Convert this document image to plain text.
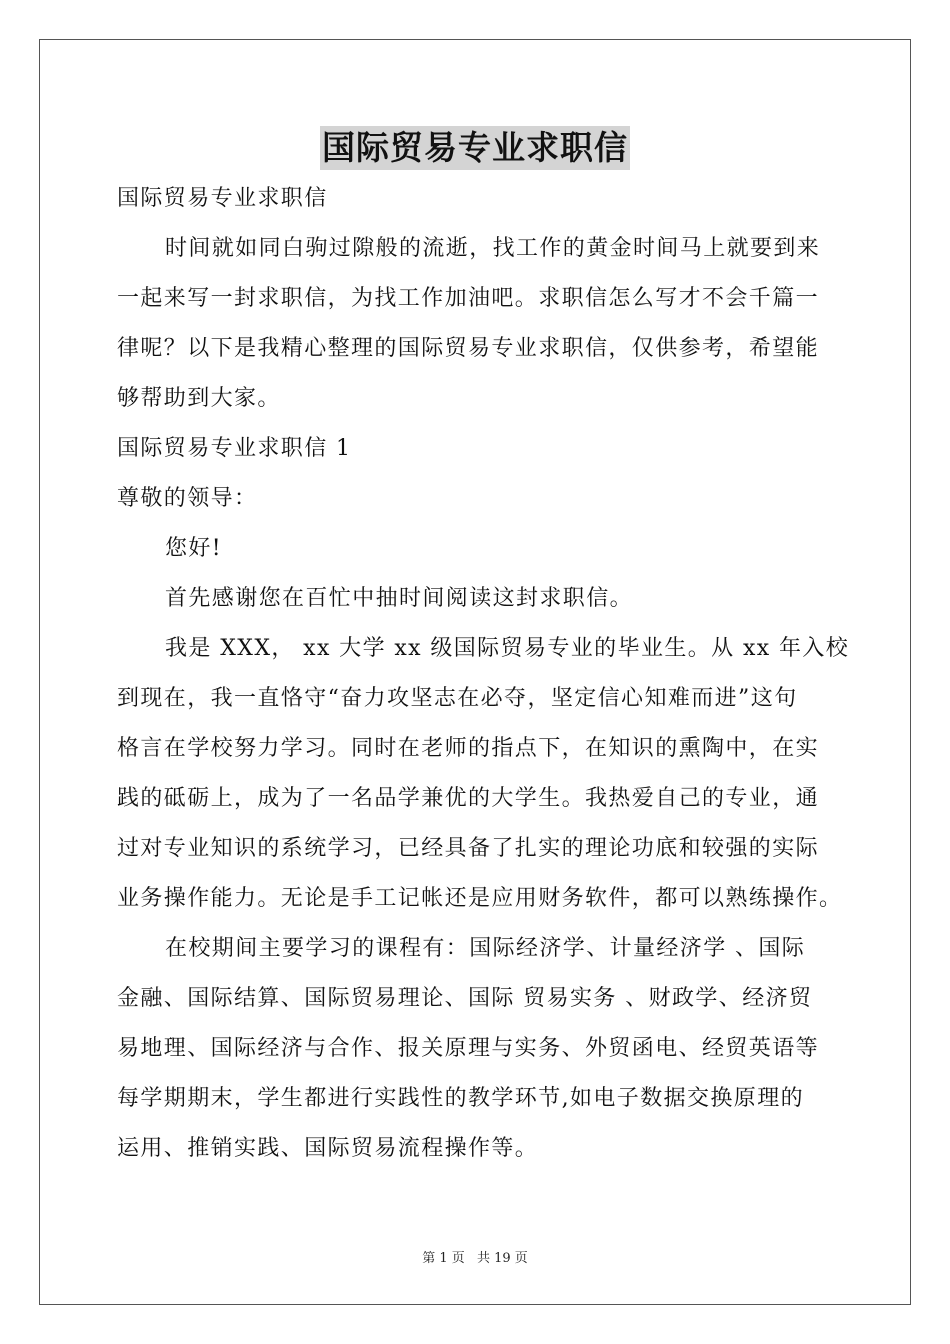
国际贸易专业求职信
国际贸易专业求职信
时间就如同白驹过隙般的流逝，找工作的黄金时间马上就要到来
一起来写一封求职信，为找工作加油吧。求职信怎么写才不会千篇一
律呢？以下是我精心整理的国际贸易专业求职信，仅供参考，希望能
够帮助到大家。
国际贸易专业求职信 1
尊敬的领导：
您好!
首先感谢您在百忙中抽时间阅读这封求职信。
我是 XXX， xx 大学 xx 级国际贸易专业的毕业生。从 xx 年入校
到现在，我一直恪守“奋力攻坚志在必夺，坚定信心知难而进”这句
格言在学校努力学习。同时在老师的指点下，在知识的熏陶中，在实
践的砥砺上，成为了一名品学兼优的大学生。我热爱自己的专业，通
过对专业知识的系统学习，已经具备了扎实的理论功底和较强的实际
业务操作能力。无论是手工记帐还是应用财务软件，都可以熟练操作。
在校期间主要学习的课程有：国际经济学、计量经济学 、国际
金融、国际结算、国际贸易理论、国际 贸易实务 、财政学、经济贸
易地理、国际经济与合作、报关原理与实务、外贸函电、经贸英语等
每学期期末，学生都进行实践性的教学环节,如电子数据交换原理的
运用、推销实践、国际贸易流程操作等。
第 1 页 共 19 页
